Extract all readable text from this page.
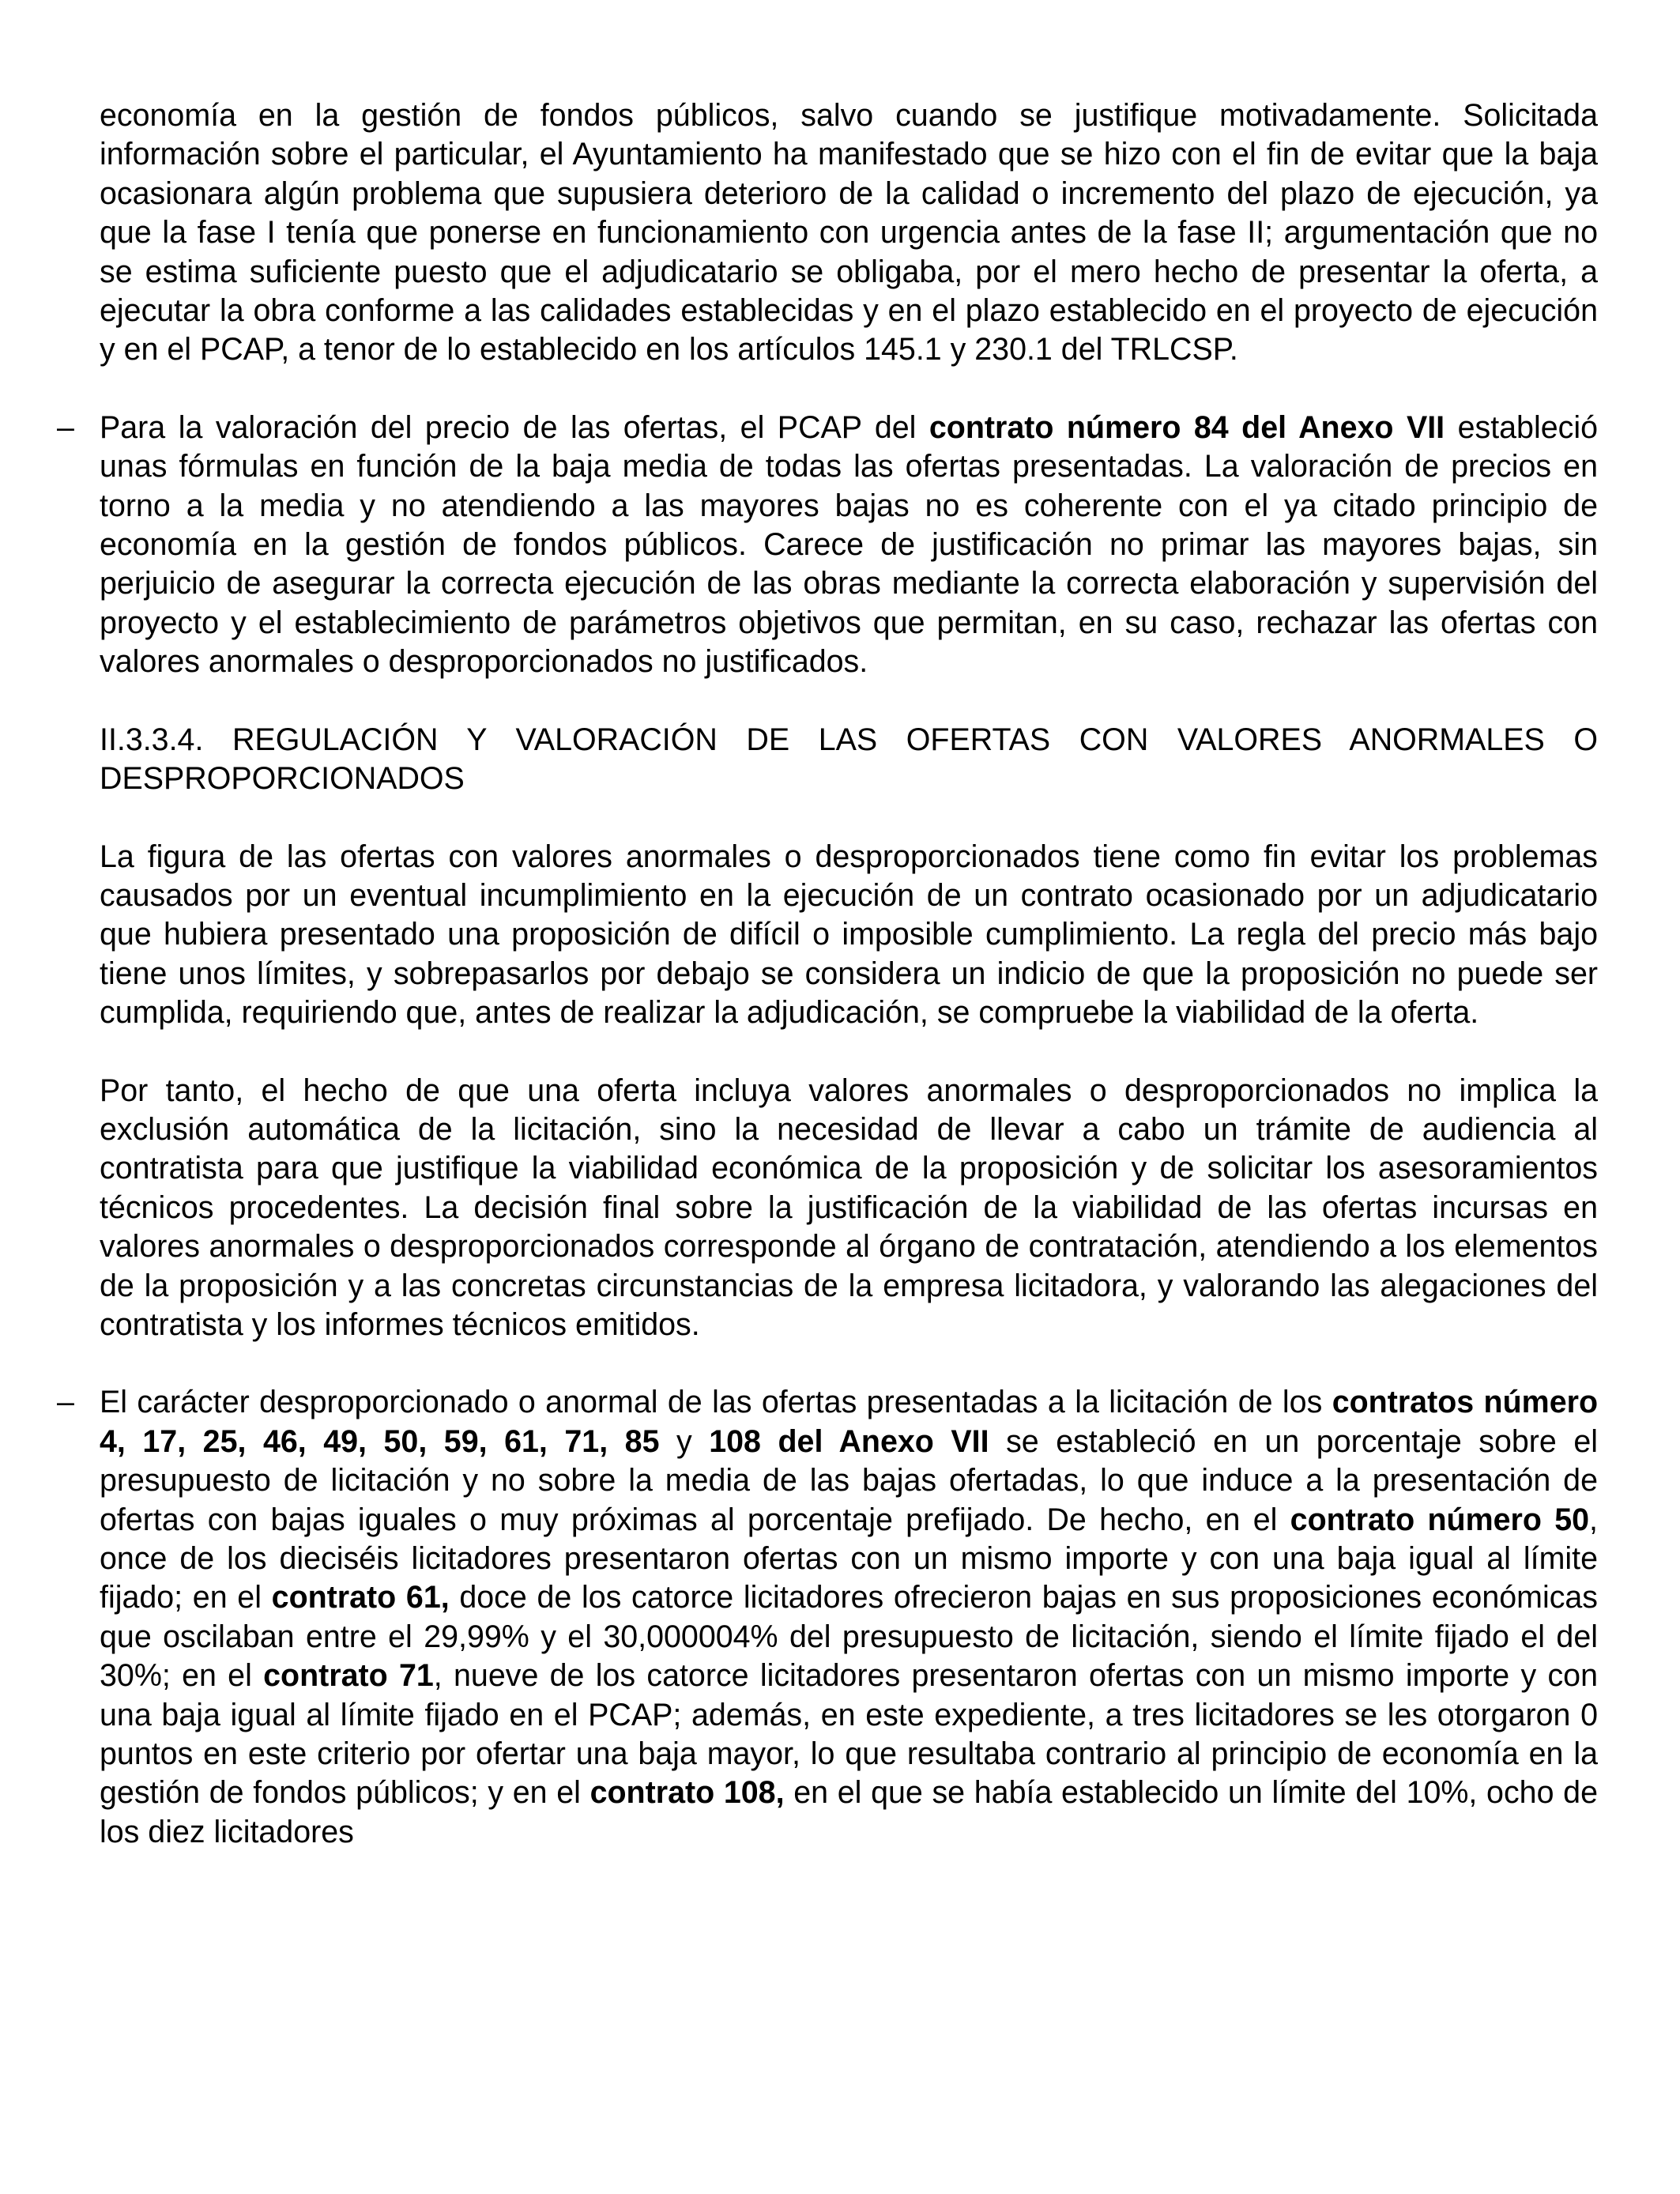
economía en la gestión de fondos públicos, salvo cuando se justifique motivadamente. Solicitada información sobre el particular, el Ayuntamiento ha manifestado que se hizo con el fin de evitar que la baja ocasionara algún problema que supusiera deterioro de la calidad o incremento del plazo de ejecución, ya que la fase I tenía que ponerse en funcionamiento con urgencia antes de la fase II; argumentación que no se estima suficiente puesto que el adjudicatario se obligaba, por el mero hecho de presentar la oferta, a ejecutar la obra conforme a las calidades establecidas y en el plazo establecido en el proyecto de ejecución y en el PCAP, a tenor de lo establecido en los artículos 145.1 y 230.1 del TRLCSP.

– Para la valoración del precio de las ofertas, el PCAP del contrato número 84 del Anexo VII estableció unas fórmulas en función de la baja media de todas las ofertas presentadas. La valoración de precios en torno a la media y no atendiendo a las mayores bajas no es coherente con el ya citado principio de economía en la gestión de fondos públicos. Carece de justificación no primar las mayores bajas, sin perjuicio de asegurar la correcta ejecución de las obras mediante la correcta elaboración y supervisión del proyecto y el establecimiento de parámetros objetivos que permitan, en su caso, rechazar las ofertas con valores anormales o desproporcionados no justificados.

II.3.3.4. REGULACIÓN Y VALORACIÓN DE LAS OFERTAS CON VALORES ANORMALES O DESPROPORCIONADOS

La figura de las ofertas con valores anormales o desproporcionados tiene como fin evitar los problemas causados por un eventual incumplimiento en la ejecución de un contrato ocasionado por un adjudicatario que hubiera presentado una proposición de difícil o imposible cumplimiento. La regla del precio más bajo tiene unos límites, y sobrepasarlos por debajo se considera un indicio de que la proposición no puede ser cumplida, requiriendo que, antes de realizar la adjudicación, se compruebe la viabilidad de la oferta.

Por tanto, el hecho de que una oferta incluya valores anormales o desproporcionados no implica la exclusión automática de la licitación, sino la necesidad de llevar a cabo un trámite de audiencia al contratista para que justifique la viabilidad económica de la proposición y de solicitar los asesoramientos técnicos procedentes. La decisión final sobre la justificación de la viabilidad de las ofertas incursas en valores anormales o desproporcionados corresponde al órgano de contratación, atendiendo a los elementos de la proposición y a las concretas circunstancias de la empresa licitadora, y valorando las alegaciones del contratista y los informes técnicos emitidos.

– El carácter desproporcionado o anormal de las ofertas presentadas a la licitación de los contratos número 4, 17, 25, 46, 49, 50, 59, 61, 71, 85 y 108 del Anexo VII se estableció en un porcentaje sobre el presupuesto de licitación y no sobre la media de las bajas ofertadas, lo que induce a la presentación de ofertas con bajas iguales o muy próximas al porcentaje prefijado. De hecho, en el contrato número 50, once de los dieciséis licitadores presentaron ofertas con un mismo importe y con una baja igual al límite fijado; en el contrato 61, doce de los catorce licitadores ofrecieron bajas en sus proposiciones económicas que oscilaban entre el 29,99% y el 30,000004% del presupuesto de licitación, siendo el límite fijado el del 30%; en el contrato 71, nueve de los catorce licitadores presentaron ofertas con un mismo importe y con una baja igual al límite fijado en el PCAP; además, en este expediente, a tres licitadores se les otorgaron 0 puntos en este criterio por ofertar una baja mayor, lo que resultaba contrario al principio de economía en la gestión de fondos públicos; y en el contrato 108, en el que se había establecido un límite del 10%, ocho de los diez licitadores
